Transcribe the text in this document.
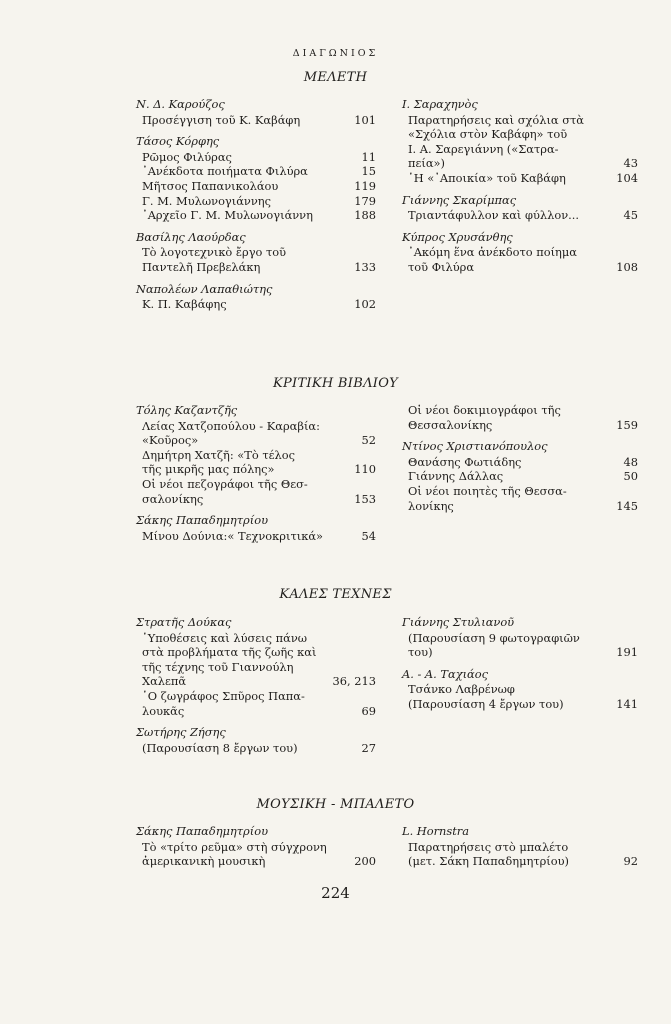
ΔΙΑΓΩΝΙΟΣ
ΜΕΛΕΤΗ
Ν. Δ. Καρούζος
Προσέγγιση τοῦ Κ. Καβάφη	101
Τάσος Κόρφης
Ρῶμος Φιλύρας	11
᾿Ανέκδοτα ποιήματα Φιλύρα	15
Μῆτσος Παπανικολάου	119
Γ. Μ. Μυλωνογιάννης	179
᾿Αρχεῖο Γ. Μ. Μυλωνογιάννη	188
Βασίλης Λαούρδας
Τὸ λογοτεχνικὸ ἔργο τοῦ
Παντελῆ Πρεβελάκη	133
Ναπολέων Λαπαθιώτης
Κ. Π. Καβάφης	102
Ι. Σαραχηνὸς
Παρατηρήσεις καὶ σχόλια στὰ
«Σχόλια στὸν Καβάφη» τοῦ
Ι. Α. Σαρεγιάννη («Σατρα-
πεία»)	43
῾Η «᾿Αποικία» τοῦ Καβάφη	104
Γιάννης Σκαρίμπας
Τριαντάφυλλον καὶ φύλλον...	45
Κύπρος Χρυσάνθης
᾿Ακόμη ἕνα ἀνέκδοτο ποίημα
τοῦ Φιλύρα	108
ΚΡΙΤΙΚΗ ΒΙΒΛΙΟΥ
Τόλης Καζαντζῆς
Λείας Χατζοπούλου - Καραβία:
«Κοῦρος»	52
Δημήτρη Χατζῆ: «Τὸ τέλος
τῆς μικρῆς μας πόλης»	110
Οἱ νέοι πεζογράφοι τῆς Θεσ-
σαλονίκης	153
Σάκης Παπαδημητρίου
Μίνου Δούνια:« Τεχνοκριτικά»	54
Οἱ νέοι δοκιμιογράφοι τῆς
Θεσσαλονίκης	159
Ντίνος Χριστιανόπουλος
Θανάσης Φωτιάδης	48
Γιάννης Δάλλας	50
Οἱ νέοι ποιητὲς τῆς Θεσσα-
λονίκης	145
ΚΑΛΕΣ ΤΕΧΝΕΣ
Στρατῆς Δούκας
῾Υποθέσεις καὶ λύσεις πάνω
στὰ προβλήματα τῆς ζωῆς καὶ
τῆς τέχνης τοῦ Γιαννούλη
Χαλεπᾶ	36, 213
῾Ο ζωγράφος Σπῦρος Παπα-
λουκᾶς	69
Σωτήρης Ζήσης
(Παρουσίαση 8 ἔργων του)	27
Γιάννης Στυλιανοῦ
(Παρουσίαση 9 φωτογραφιῶν
του)	191
Α. - Α. Ταχιάος
Τσάνκο Λαβρένωφ
(Παρουσίαση 4 ἔργων του)	141
ΜΟΥΣΙΚΗ - ΜΠΑΛΕΤΟ
Σάκης Παπαδημητρίου
Τὸ «τρίτο ρεῦμα» στὴ σύγχρονη
ἀμερικανικὴ μουσικὴ	200
L. Hornstra
Παρατηρήσεις στὸ μπαλέτο
(μετ. Σάκη Παπαδημητρίου)	92
224
